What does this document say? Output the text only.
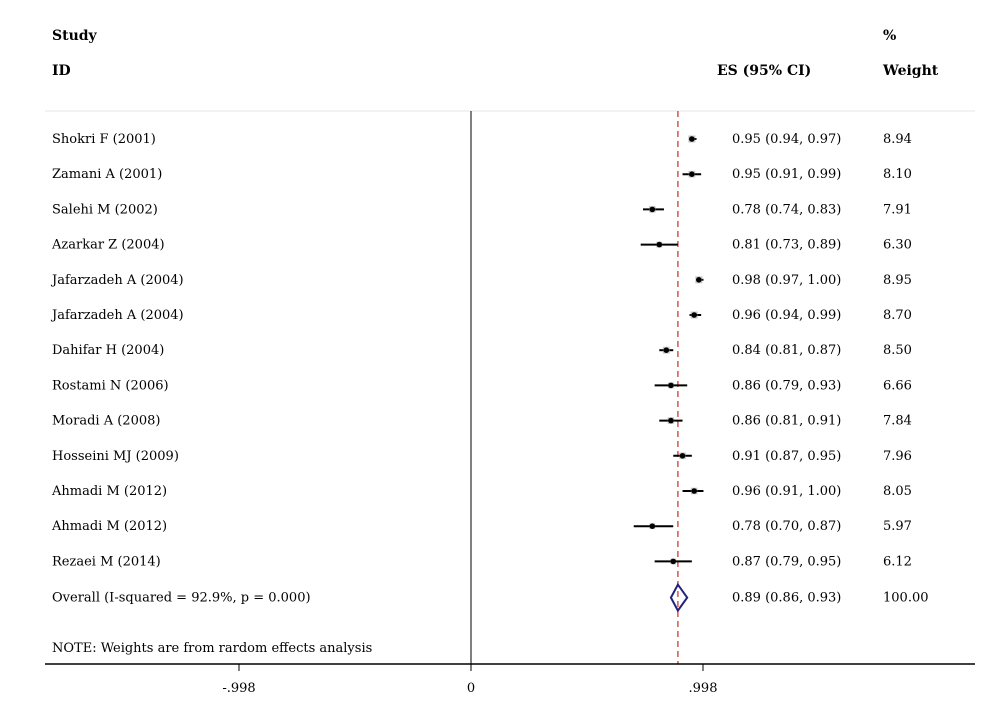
Study
ID	ES (95% CI)
%
Weight
Shokri F (2001)	0.95 (0.94, 0.97)	8.94
Zamani A (2001)	0.95 (0.91, 0.99)	8.10
Salehi M (2002)	0.78 (0.74, 0.83)	7.91
Azarkar Z (2004)	0.81 (0.73, 0.89)	6.30
Jafarzadeh A (2004)	0.98 (0.97, 1.00)	8.95
Jafarzadeh A (2004)	0.96 (0.94, 0.99)	8.70
Dahifar H (2004)	0.84 (0.81, 0.87)	8.50
Rostami N (2006)	0.86 (0.79, 0.93)	6.66
Moradi A (2008)	0.86 (0.81, 0.91)	7.84
Hosseini MJ (2009)	0.91 (0.87, 0.95)	7.96
Ahmadi M (2012)	0.96 (0.91, 1.00)	8.05
Ahmadi M (2012)	0.78 (0.70, 0.87)	5.97
Rezaei M (2014)	0.87 (0.79, 0.95)	6.12
Overall (I-squared = 92.9%, p = 0.000)	0.89 (0.86, 0.93)	100.00
-.998	0	.998
NOTE: Weights are from rardom effects analysis
